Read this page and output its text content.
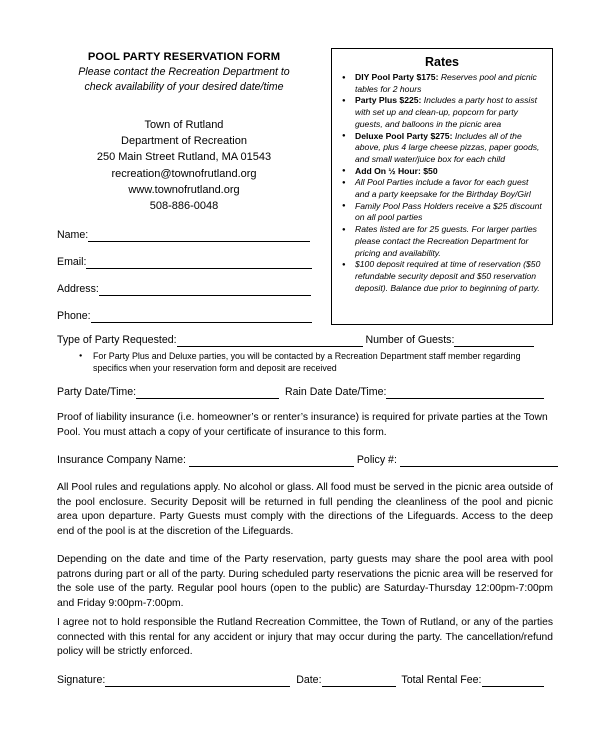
POOL PARTY RESERVATION FORM
Please contact the Recreation Department to
check availability of your desired date/time
Town of Rutland
Department of Recreation
250 Main Street Rutland, MA 01543
recreation@townofrutland.org
www.townofrutland.org
508-886-0048
Rates
● DIY Pool Party $175: Reserves pool and picnic tables for 2 hours
● Party Plus $225: Includes a party host to assist with set up and clean-up, popcorn for party guests, and balloons in the picnic area
● Deluxe Pool Party $275: Includes all of the above, plus 4 large cheese pizzas, paper goods, and small water/juice box for each child
● Add On ½ Hour: $50
● All Pool Parties include a favor for each guest and a party keepsake for the Birthday Boy/Girl
● Family Pool Pass Holders receive a $25 discount on all pool parties
● Rates listed are for 25 guests. For larger parties please contact the Recreation Department for pricing and availability.
● $100 deposit required at time of reservation ($50 refundable security deposit and $50 reservation deposit). Balance due prior to beginning of party.
Name:
Email:
Address:
Phone:
Type of Party Requested:	Number of Guests:
● For Party Plus and Deluxe parties, you will be contacted by a Recreation Department staff member regarding specifics when your reservation form and deposit are received
Party Date/Time:	Rain Date Date/Time:
Proof of liability insurance (i.e. homeowner’s or renter’s insurance) is required for private parties at the Town Pool. You must attach a copy of your certificate of insurance to this form.
Insurance Company Name:	Policy #:
All Pool rules and regulations apply. No alcohol or glass. All food must be served in the picnic area outside of the pool enclosure. Security Deposit will be returned in full pending the cleanliness of the pool and picnic area upon departure. Party Guests must comply with the directions of the Lifeguards. Access to the deep end of the pool is at the discretion of the Lifeguards.
Depending on the date and time of the Party reservation, party guests may share the pool area with pool patrons during part or all of the party. During scheduled party reservations the picnic area will be reserved for the sole use of the party. Regular pool hours (open to the public) are Saturday-Thursday 12:00pm-7:00pm and Friday 9:00pm-7:00pm.
I agree not to hold responsible the Rutland Recreation Committee, the Town of Rutland, or any of the parties connected with this rental for any accident or injury that may occur during the party. The cancellation/refund policy will be strictly enforced.
Signature:	Date:	Total Rental Fee:
